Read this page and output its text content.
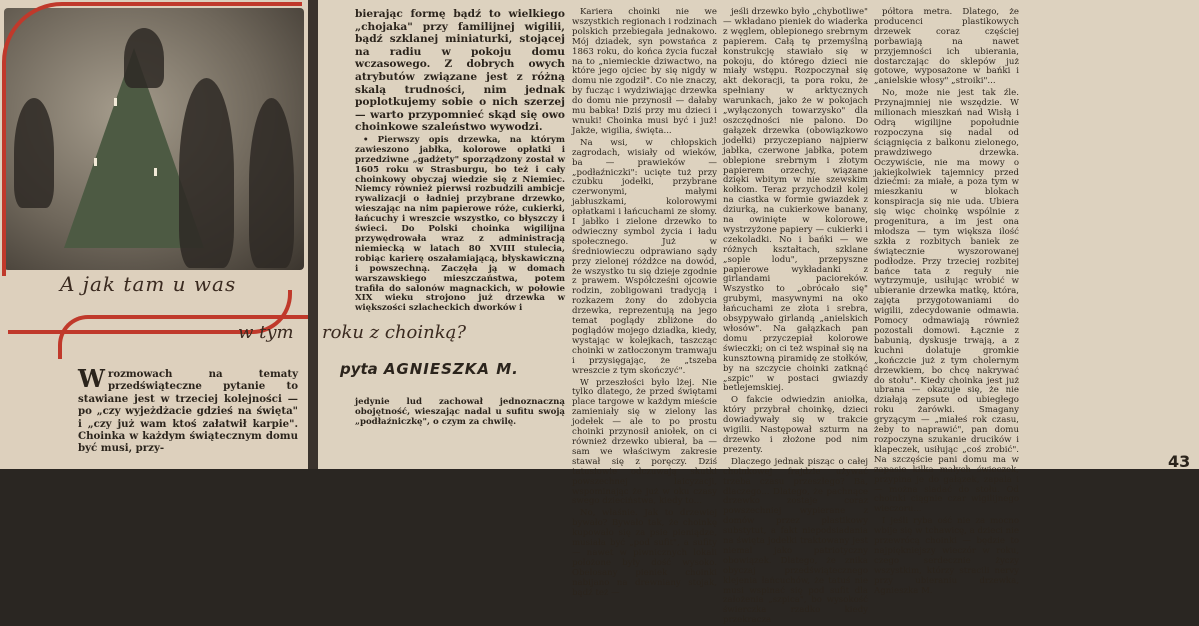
A jak tam u was
w tym

Wrozmowach na tematy przedświąteczne pytanie to stawiane jest w trzeciej kolejności — po „czy wyjeżdżacie gdzieś na święta" i „czy już wam ktoś załatwił karpie". Choinka w każdym świątecznym domu być musi, przy-

roku z choinką?
pyta AGNIESZKA M.

bierając formę bądź to wielkiego „chojaka" przy familijnej wigilii, bądź szklanej miniaturki, stojącej na radiu w pokoju domu wczasowego. Z dobrych owych atrybutów związane jest z różną skalą trudności, nim jednak poplotkujemy sobie o nich szerzej — warto przypomnieć skąd się owo choinkowe szaleństwo wywodzi.

• Pierwszy opis drzewka, na którym zawieszono jabłka, kolorowe opłatki i przedziwne „gadżety" sporządzony został w 1605 roku w Strasburgu, bo też i cały choinkowy obyczaj wiedzie się z Niemiec. Niemcy również pierwsi rozbudzili ambicje rywalizacji o ładniej przybrane drzewko, wieszając na nim papierowe róże, cukierki, łańcuchy i wreszcie wszystko, co błyszczy i świeci. Do Polski choinka wigilijna przywędrowała wraz z administracją niemiecką w latach 80 XVIII stulecia, robiąc karierę oszałamiającą, błyskawiczną i powszechną. Zaczęła ją w domach warszawskiego mieszczaństwa, potem trafiła do salonów magnackich, w połowie XIX wieku strojono już drzewka w większości szlacheckich dworków i

jedynie lud zachował jednoznaczną obojętność, wieszając nadal u sufitu swoją „podłaźniczkę", o czym za chwilę.

Kariera choinki nie we wszystkich regionach i rodzinach polskich przebiegała jednakowo. Mój dziadek, syn powstańca z 1863 roku, do końca życia fuczał na to „niemieckie dziwactwo, na które jego ojciec by się nigdy w domu nie zgodził". Co nie znaczy, by fucząc i wydziwiając drzewka do domu nie przynosił — dałaby mu babka! Dziś przy mu dzieci i wnuki! Choinka musi być i już! Jakże, wigilia, święta...

Na wsi, w chłopskich zagrodach, wisiały od wieków, ba — prawieków — „podłaźniczki": ucięte tuż przy czubku jodełki, przybrane czerwonymi, małymi jabłuszkami, kolorowymi opłatkami i łańcuchami ze słomy. I jabłko i zielone drzewko to odwieczny symbol życia i ładu społecznego. Już w średniowieczu odprawiano sądy przy zielonej różdżce na dowód, że wszystko tu się dzieje zgodnie z prawem. Współcześni ojcowie rodzin, zobligowani tradycją i rozkazem żony do zdobycia drzewka, reprezentują na jego temat poglądy zbliżone do poglądów mojego dziadka, kiedy, wystając w kolejkach, taszcząc choinki w zatłoczonym tramwaju i przysięgając, że „tszeba wreszcie z tym skończyć".

W przeszłości było lżej. Nie tylko dlatego, że przed świętami place targowe w każdym mieście zamieniały się w zielony las jodełek — ale to po prostu choinki przynosił aniołek, on ci również drzewko ubierał, ba — sam we właściwym zakresie stawał się z poręczy. Dziś tatusiowie odczuwają skutki powszechnej laicyzacji, wspominając że już w oku czasy swego dzieciństwa, kiedy to...

No, właśnie. Jak to drzewiej bywało? Bywało tak, że choinkę kupowało się za psie pieniądze, musiała być „pod sufit", a sufity — nawet w piwnicznych lokali położone były dość wysoko. Obelosany pieniek choinki nabijano na drewniany stojak, bądź też —

jeśli drzewko było „chybotliwe" — wkładano pieniek do wiaderka z węglem, oblepionego srebrnym papierem. Całą tę przemyślną konstrukcję stawiało się w pokoju, do którego dzieci nie miały wstępu. Rozpoczynał się akt dekoracji, ta pora roku, że spełniany w arktycznych warunkach, jako że w pokojach „wyłączonych towarzysko" dla oszczędności nie palono. Do gałązek drzewka (obowiązkowo jodełki) przyczepiano najpierw jabłka, czerwone jabłka, potem oblepione srebrnym i złotym papierem orzechy, wiązane dzięki wbitym w nie szewskim kołkom. Teraz przychodził kolej na ciastka w formie gwiazdek z dziurką, na cukierkowe banany, na owinięte w kolorowe, wystrzyżone papiery — cukierki i czekoladki. No i bańki — we różnych kształtach, szklane „sople lodu", przepyszne papierowe wykładanki z girlandami pacioreków. Wszystko to „obrócało się" grubymi, masywnymi na oko łańcuchami ze złota i srebra, obsypywało girlandą „anielskich włosów". Na gałązkach pan domu przyczepiał kolorowe świeczki; on ci też wspinał się na kunsztowną piramidę ze stołków, by na szczycie choinki zatknąć „szpic" w postaci gwiazdy betlejemskiej.

O fakcie odwiedzin aniołka, który przybrał choinkę, dzieci dowiadywały się w trakcie wigilii. Następował szturm na drzewko i złożone pod nim prezenty.

Dlaczego jednak pisząc o całej choinkowej frajdzie używać trzeba czasu przeszłego? Ba, dlaczego... Dlatego, że pachnące drzewko zostaje coraz powszechniej wypierane z domów przez plastikowy substytut, a fakt niepodsiadania na święta jodełki traktowany jest niemal jako patriotyczny obowiązek. Dlatego, że znika obyczaj przedświątecznego klejenia łańcuchów, że tatuś nie musi wspinać się pod sufit dla założenia „szpica", bo wysokość świerczka rzadko kiedy przekracza

półtora metra. Dlatego, że producenci plastikowych drzewek coraz częściej porbawiają na nawet przyjemności ich ubierania, dostarczając do sklepów już gotowe, wyposażone w bańki i „anielskie włosy" „stroiki"...

No, może nie jest tak źle. Przynajmniej nie wszędzie. W milionach mieszkań nad Wisłą i Odrą wigilijne popołudnie rozpoczyna się nadal od ściągnięcia z balkonu zielonego, prawdziwego drzewka. Oczywiście, nie ma mowy o jakiejkolwiek tajemnicy przed dziećmi: za miałe, a poza tym w mieszkaniu w blokach konspiracja się nie uda. Ubiera się więc choinkę wspólnie z progenitura, a im jest ona młodsza — tym większa ilość szkła z rozbitych baniek ze świątecznie wyszorowanej podłodze. Przy trzeciej rozbitej bańce tata z reguły nie wytrzymuje, usiłując wrobić w ubieranie drzewka matkę, która, zajęta przygotowaniami do wigilii, zdecydowanie odmawia. Pomocy odmawiają również pozostali domowi. Łącznie z babunią, dyskusje trwają, a z kuchni dolatuje gromkie „kończcie już z tym cholernym drzewkiem, bo chcę nakrywać do stołu". Kiedy choinka jest już ubrana — okazuje się, że nie działają zepsute od ubiegłego roku żarówki. Smagany gryzącym — „miałeś rok czasu, żeby to naprawić", pan domu rozpoczyna szukanie drucików i klapeczek, usiłując „coś zrobić". Na szczęście pani domu ma w zapasie kilka małych świeczek, przypina je do gałązek, zapala i — można siadać do stołu. Od choinki ciągnie czar wigilijnego wieczoru...

I jeśli ryba ość nie za mocno wbije się w tchawicę, a dzieci nie przewrócą choinki — będzie to najpiękniejszy wieczór w roku, czego serdecznie życzy wszystkim, którzy stracili nervy przy ubieraniu drzewka, Agnieszka M.

43
